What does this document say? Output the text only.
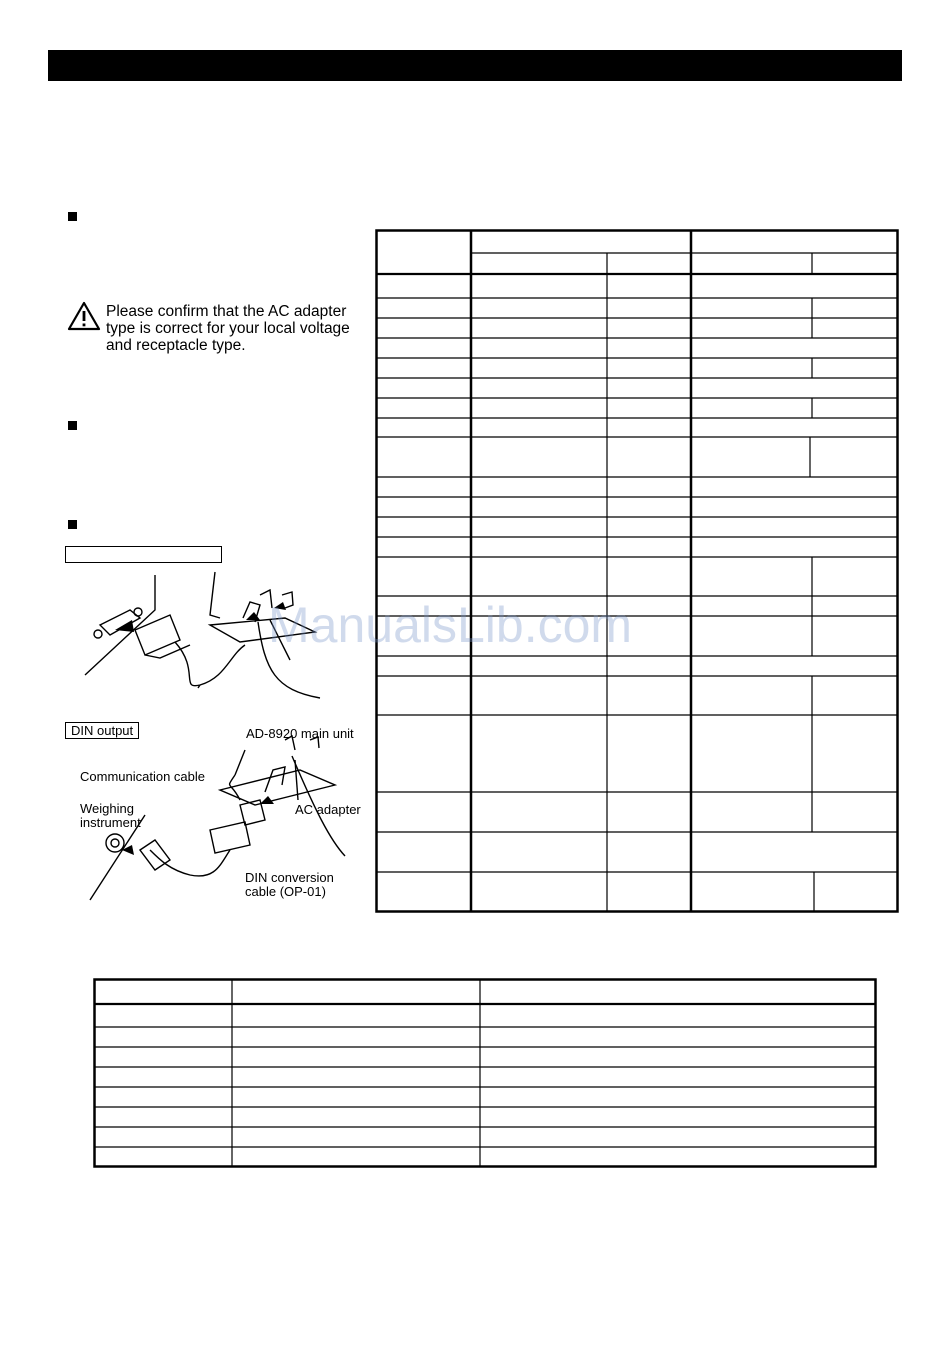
Please confirm that the AC adapter
type is correct for your local voltage
and receptacle type.
DIN output	AD-8920 main unit
Communication cable
Weighing
instrument
AC adapter
DIN conversion
cable (OP-01)
ManualsLib.com
